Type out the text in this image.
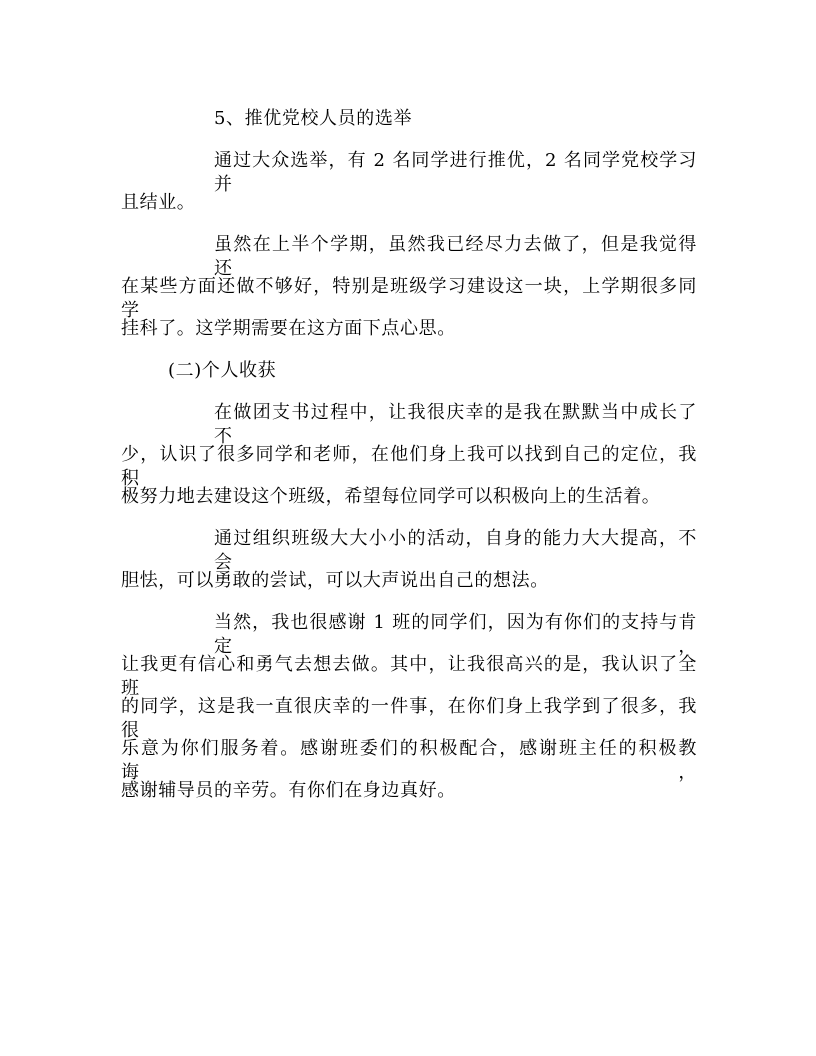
5、推优党校人员的选举
通过大众选举，有 2 名同学进行推优，2 名同学党校学习并
且结业。
虽然在上半个学期，虽然我已经尽力去做了，但是我觉得还
在某些方面还做不够好，特别是班级学习建设这一块，上学期很多同学
挂科了。这学期需要在这方面下点心思。
(二)个人收获
在做团支书过程中，让我很庆幸的是我在默默当中成长了不
少，认识了很多同学和老师，在他们身上我可以找到自己的定位，我积
极努力地去建设这个班级，希望每位同学可以积极向上的生活着。
通过组织班级大大小小的活动，自身的能力大大提高，不会
胆怯，可以勇敢的尝试，可以大声说出自己的想法。
当然，我也很感谢 1 班的同学们，因为有你们的支持与肯定，
让我更有信心和勇气去想去做。其中，让我很高兴的是，我认识了全班
的同学，这是我一直很庆幸的一件事，在你们身上我学到了很多，我很
乐意为你们服务着。感谢班委们的积极配合，感谢班主任的积极教诲，
感谢辅导员的辛劳。有你们在身边真好。
